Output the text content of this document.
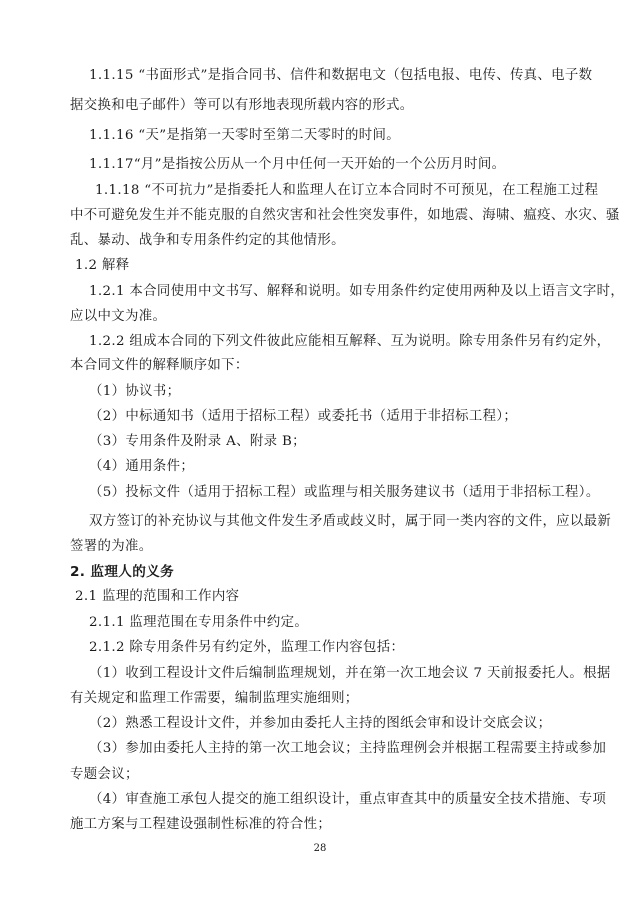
1.1.15 “书面形式”是指合同书、信件和数据电文（包括电报、电传、传真、电子数
据交换和电子邮件）等可以有形地表现所载内容的形式。
1.1.16 “天”是指第一天零时至第二天零时的时间。
1.1.17“月”是指按公历从一个月中任何一天开始的一个公历月时间。
1.1.18 “不可抗力”是指委托人和监理人在订立本合同时不可预见，在工程施工过程
中不可避免发生并不能克服的自然灾害和社会性突发事件，如地震、海啸、瘟疫、水灾、骚
乱、暴动、战争和专用条件约定的其他情形。
1.2 解释
1.2.1 本合同使用中文书写、解释和说明。如专用条件约定使用两种及以上语言文字时，
应以中文为准。
1.2.2 组成本合同的下列文件彼此应能相互解释、互为说明。除专用条件另有约定外，
本合同文件的解释顺序如下：
（1）协议书；
（2）中标通知书（适用于招标工程）或委托书（适用于非招标工程）；
（3）专用条件及附录 A、附录 B；
（4）通用条件；
（5）投标文件（适用于招标工程）或监理与相关服务建议书（适用于非招标工程）。
双方签订的补充协议与其他文件发生矛盾或歧义时，属于同一类内容的文件，应以最新
签署的为准。
2. 监理人的义务
2.1 监理的范围和工作内容
2.1.1 监理范围在专用条件中约定。
2.1.2 除专用条件另有约定外，监理工作内容包括：
（1）收到工程设计文件后编制监理规划，并在第一次工地会议 7 天前报委托人。根据
有关规定和监理工作需要，编制监理实施细则；
（2）熟悉工程设计文件，并参加由委托人主持的图纸会审和设计交底会议；
（3）参加由委托人主持的第一次工地会议；主持监理例会并根据工程需要主持或参加
专题会议；
（4）审查施工承包人提交的施工组织设计，重点审查其中的质量安全技术措施、专项
施工方案与工程建设强制性标准的符合性；
28
